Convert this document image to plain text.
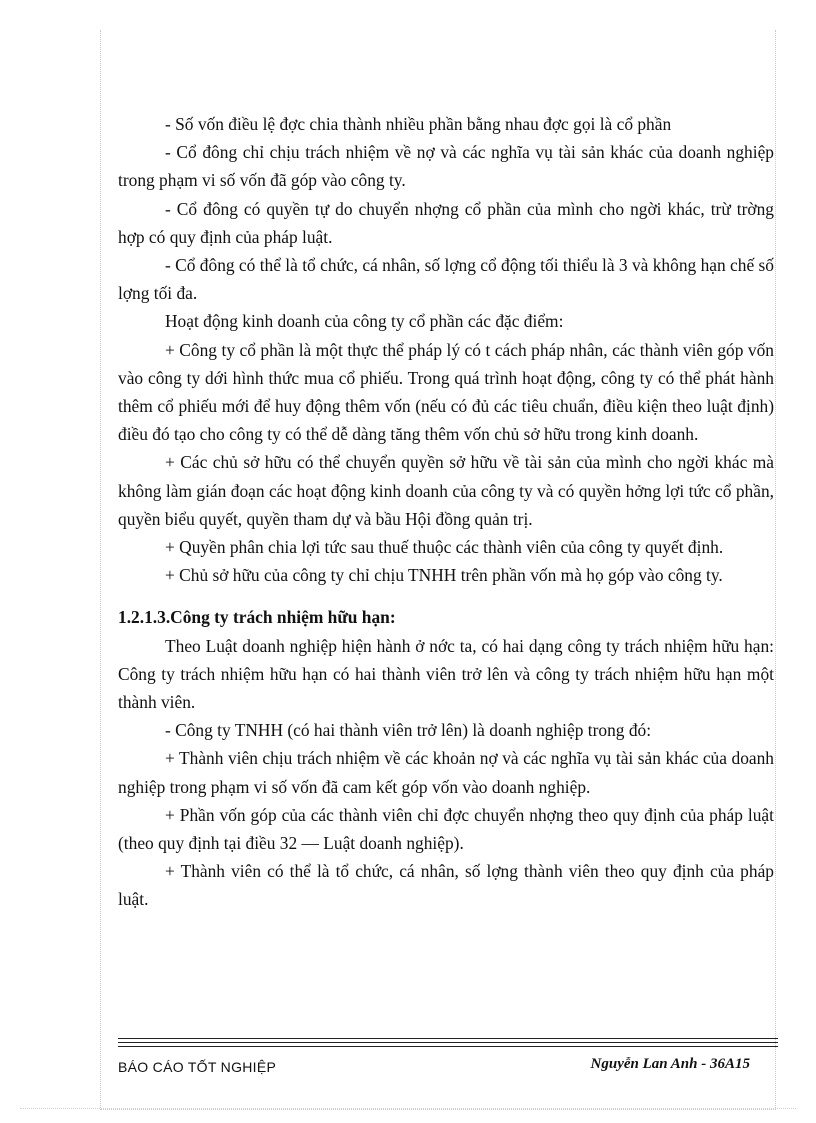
- Số vốn điều lệ đợc chia thành nhiều phần bằng nhau đợc gọi là cổ phần

- Cổ đông chỉ chịu trách nhiệm về nợ và các nghĩa vụ tài sản khác của doanh nghiệp trong phạm vi số vốn đã góp vào công ty.

- Cổ đông có quyền tự do chuyển nhợng cổ phần của mình cho ngời khác, trừ trờng hợp có quy định của pháp luật.

- Cổ đông có thể là tổ chức, cá nhân, số lợng cổ động tối thiểu là 3 và không hạn chế số lợng tối đa.

Hoạt động kinh doanh của công ty cổ phần các đặc điểm:

+ Công ty cổ phần là một thực thể pháp lý có t cách pháp nhân, các thành viên góp vốn vào công ty dới hình thức mua cổ phiếu. Trong quá trình hoạt động, công ty có thể phát hành thêm cổ phiếu mới để huy động thêm vốn (nếu có đủ các tiêu chuẩn, điều kiện theo luật định) điều đó tạo cho công ty có thể dễ dàng tăng thêm vốn chủ sở hữu trong kinh doanh.

+ Các chủ sở hữu có thể chuyển quyền sở hữu về tài sản của mình cho ngời khác mà không làm gián đoạn các hoạt động kinh doanh của công ty và có quyền hởng lợi tức cổ phần, quyền biểu quyết, quyền tham dự và bầu Hội đồng quản trị.

+ Quyền phân chia lợi tức sau thuế thuộc các thành viên của công ty quyết định.

+ Chủ sở hữu của công ty chỉ chịu TNHH trên phần vốn mà họ góp vào công ty.

1.2.1.3.Công ty trách nhiệm hữu hạn:

Theo Luật doanh nghiệp hiện hành ở nớc ta, có hai dạng công ty trách nhiệm hữu hạn: Công ty trách nhiệm hữu hạn có hai thành viên trở lên và công ty trách nhiệm hữu hạn một thành viên.

- Công ty TNHH (có hai thành viên trở lên) là doanh nghiệp trong đó:

+ Thành viên chịu trách nhiệm về các khoản nợ và các nghĩa vụ tài sản khác của doanh nghiệp trong phạm vi số vốn đã cam kết góp vốn vào doanh nghiệp.

+ Phần vốn góp của các thành viên chỉ đợc chuyển nhợng theo quy định của pháp luật (theo quy định tại điều 32 — Luật doanh nghiệp).

+ Thành viên có thể là tổ chức, cá nhân, số lợng thành viên theo quy định của pháp luật.

BÁO CÁO TỐT NGHIỆP	Nguyễn Lan Anh - 36A15
